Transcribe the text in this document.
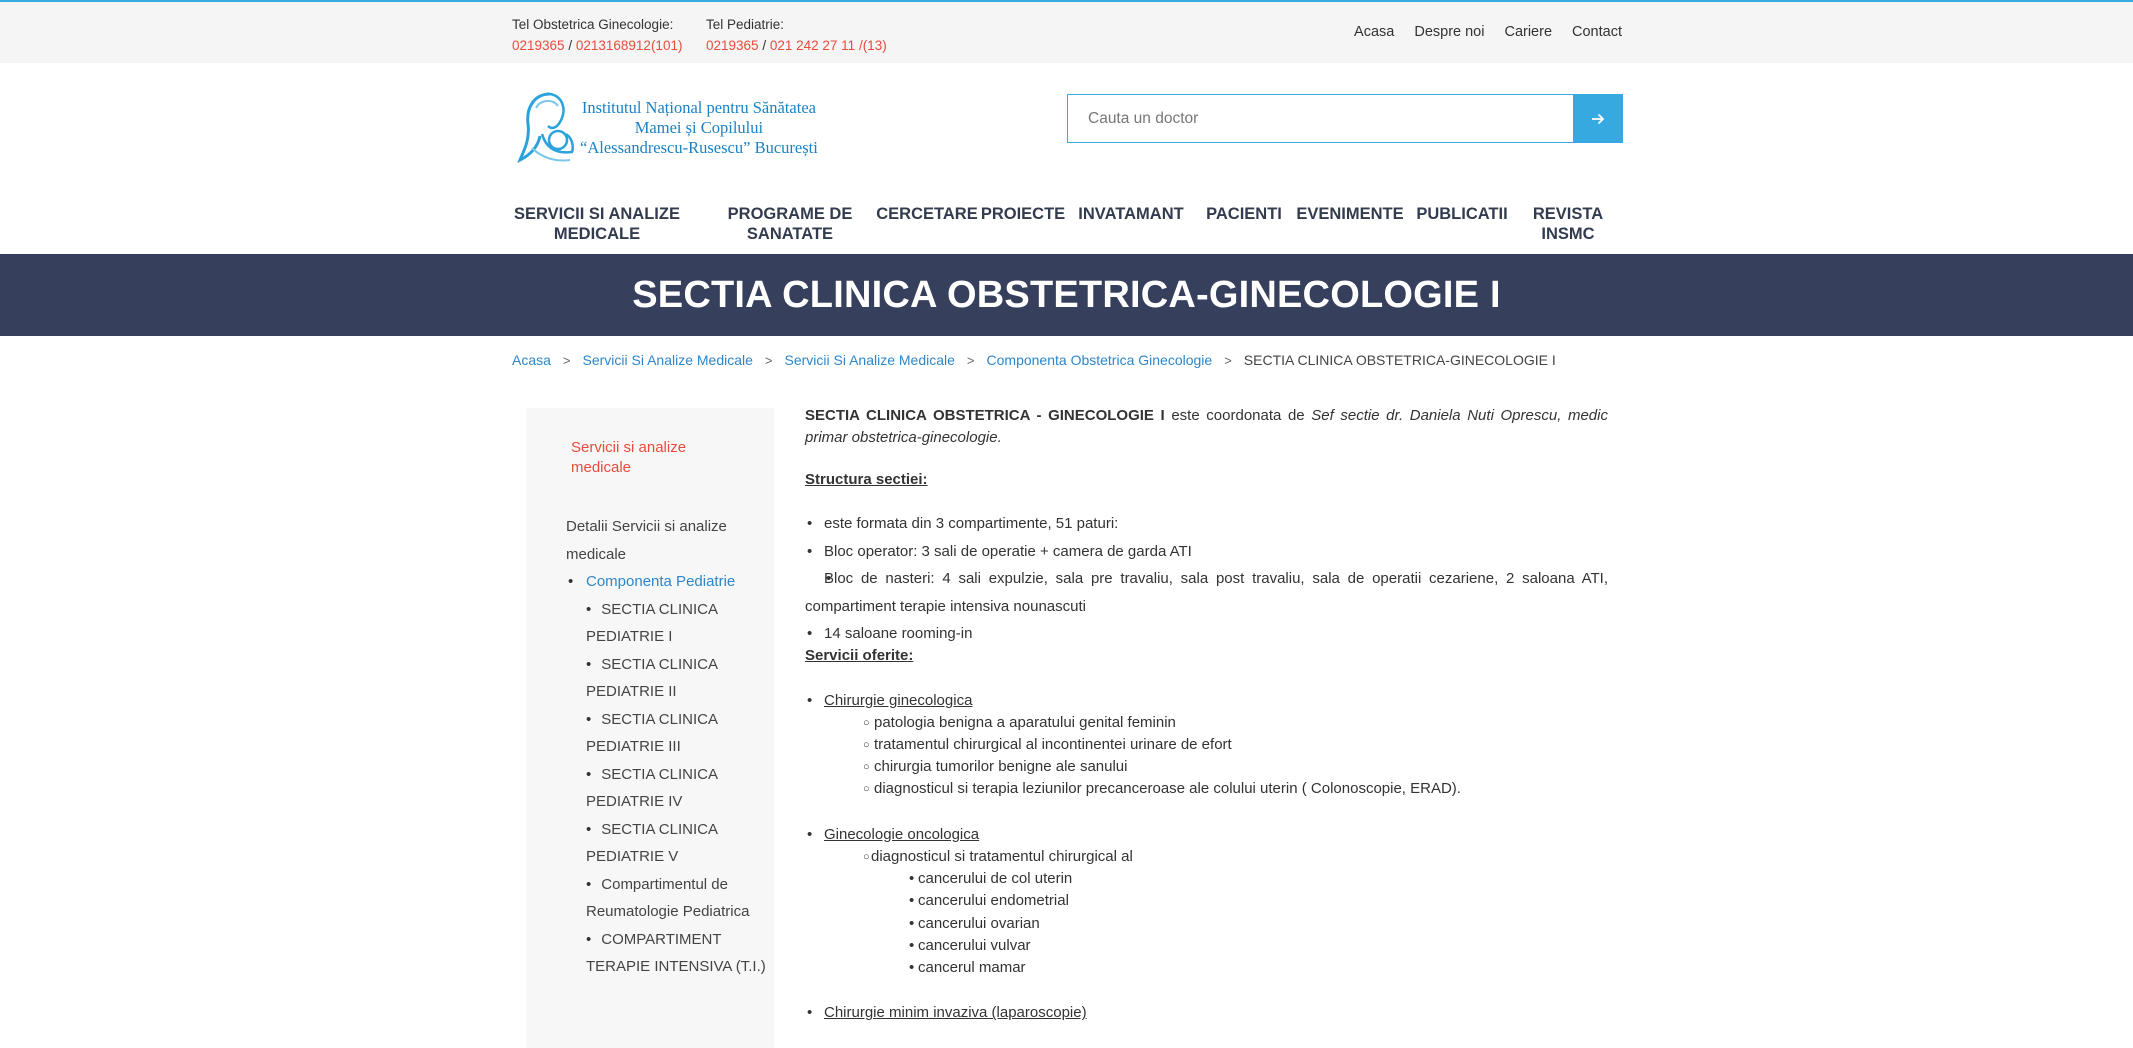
Tel Obstetrica Ginecologie:
0219365 / 0213168912(101)
Tel Pediatrie:
0219365 / 021 242 27 11 /(13)
Acasa Despre noi Cariere Contact
Institutul Național pentru Sănătatea
Mamei și Copilului
“Alessandrescu-Rusescu” București
Cauta un doctor
SERVICII SI ANALIZE MEDICALE
PROGRAME DE SANATATE
CERCETARE PROIECTE INVATAMANT	PACIENTI EVENIMENTE PUBLICATII	REVISTA INSMC
SECTIA CLINICA OBSTETRICA-GINECOLOGIE I
Acasa > Servicii Si Analize Medicale > Servicii Si Analize Medicale > Componenta Obstetrica Ginecologie > SECTIA CLINICA OBSTETRICA-GINECOLOGIE I
Servicii si analize medicale
Detalii Servicii si analize medicale
• Componenta Pediatrie
• SECTIA CLINICA PEDIATRIE I
• SECTIA CLINICA PEDIATRIE II
• SECTIA CLINICA PEDIATRIE III
• SECTIA CLINICA PEDIATRIE IV
• SECTIA CLINICA PEDIATRIE V
• Compartimentul de Reumatologie Pediatrica
• COMPARTIMENT TERAPIE INTENSIVA (T.I.)

SECTIA CLINICA OBSTETRICA - GINECOLOGIE I este coordonata de Sef sectie dr. Daniela Nuti Oprescu, medic primar obstetrica-ginecologie.

Structura sectiei:

• este formata din 3 compartimente, 51 paturi:
• Bloc operator: 3 sali de operatie + camera de garda ATI
• Bloc de nasteri: 4 sali expulzie, sala pre travaliu, sala post travaliu, sala de operatii cezariene, 2 saloana ATI, compartiment terapie intensiva nounascuti
• 14 saloane rooming-in

Servicii oferite:

• Chirurgie ginecologica
○ patologia benigna a aparatului genital feminin
○ tratamentul chirurgical al incontinentei urinare de efort
○ chirurgia tumorilor benigne ale sanului
○ diagnosticul si terapia leziunilor precanceroase ale colului uterin ( Colonoscopie, ERAD).
• Ginecologie oncologica
○ diagnosticul si tratamentul chirurgical al
• cancerului de col uterin
• cancerului endometrial
• cancerului ovarian
• cancerului vulvar
• cancerul mamar
• Chirurgie minim invaziva (laparoscopie)
